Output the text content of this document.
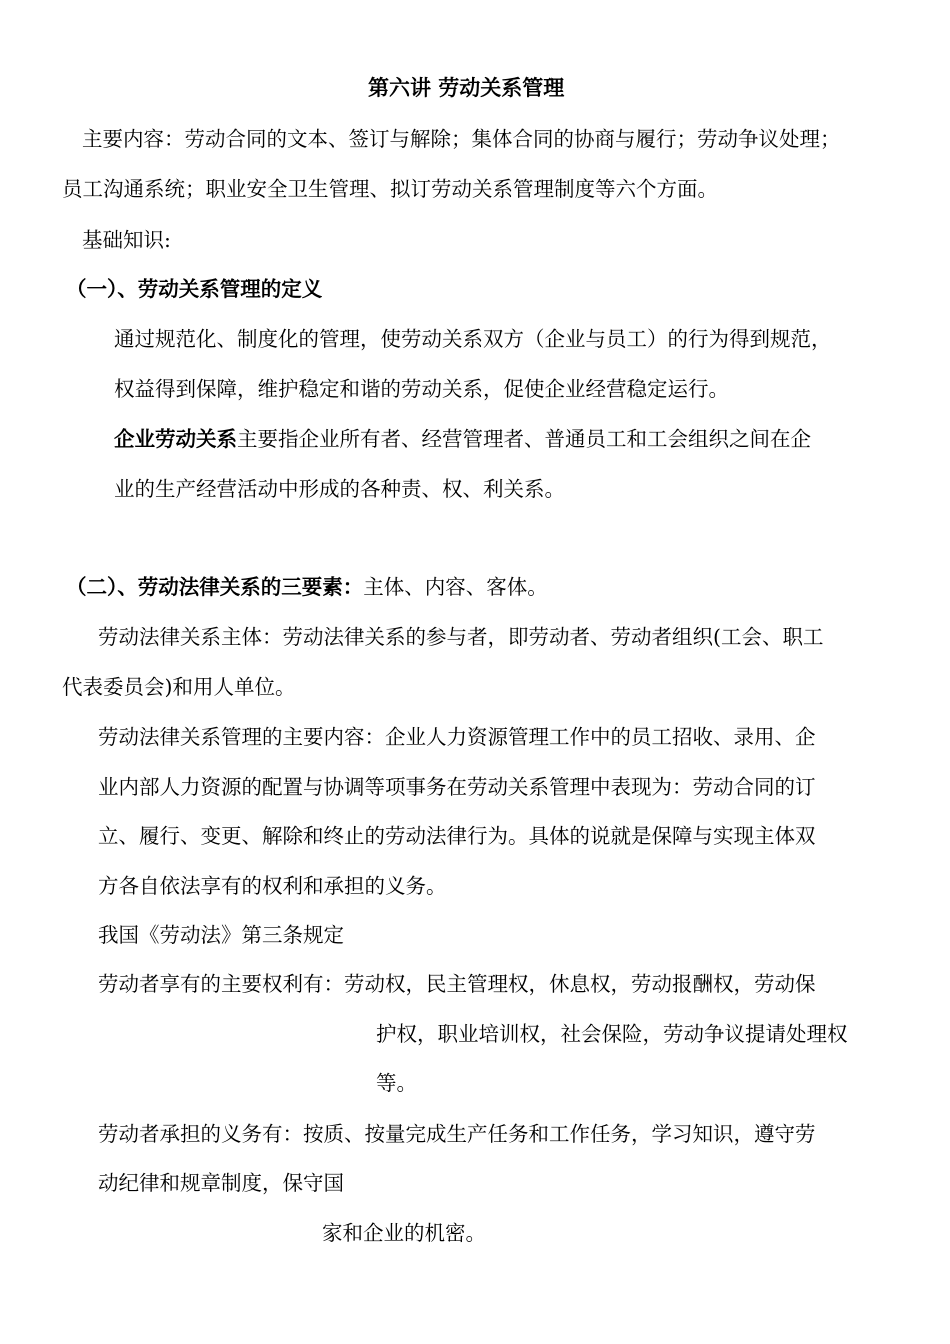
第六讲 劳动关系管理
主要内容：劳动合同的文本、签订与解除；集体合同的协商与履行；劳动争议处理；
员工沟通系统；职业安全卫生管理、拟订劳动关系管理制度等六个方面。
基础知识:
（一）、劳动关系管理的定义
通过规范化、制度化的管理，使劳动关系双方（企业与员工）的行为得到规范，
权益得到保障，维护稳定和谐的劳动关系，促使企业经营稳定运行。
企业劳动关系主要指企业所有者、经营管理者、普通员工和工会组织之间在企
业的生产经营活动中形成的各种责、权、利关系。
（二）、劳动法律关系的三要素：主体、内容、客体。
劳动法律关系主体：劳动法律关系的参与者，即劳动者、劳动者组织(工会、职工
代表委员会)和用人单位。
劳动法律关系管理的主要内容：企业人力资源管理工作中的员工招收、录用、企
业内部人力资源的配置与协调等项事务在劳动关系管理中表现为：劳动合同的订
立、履行、变更、解除和终止的劳动法律行为。具体的说就是保障与实现主体双
方各自依法享有的权利和承担的义务。
我国《劳动法》第三条规定
劳动者享有的主要权利有：劳动权，民主管理权，休息权，劳动报酬权，劳动保
护权，职业培训权，社会保险，劳动争议提请处理权
等。
劳动者承担的义务有：按质、按量完成生产任务和工作任务，学习知识，遵守劳
动纪律和规章制度，保守国
家和企业的机密。
